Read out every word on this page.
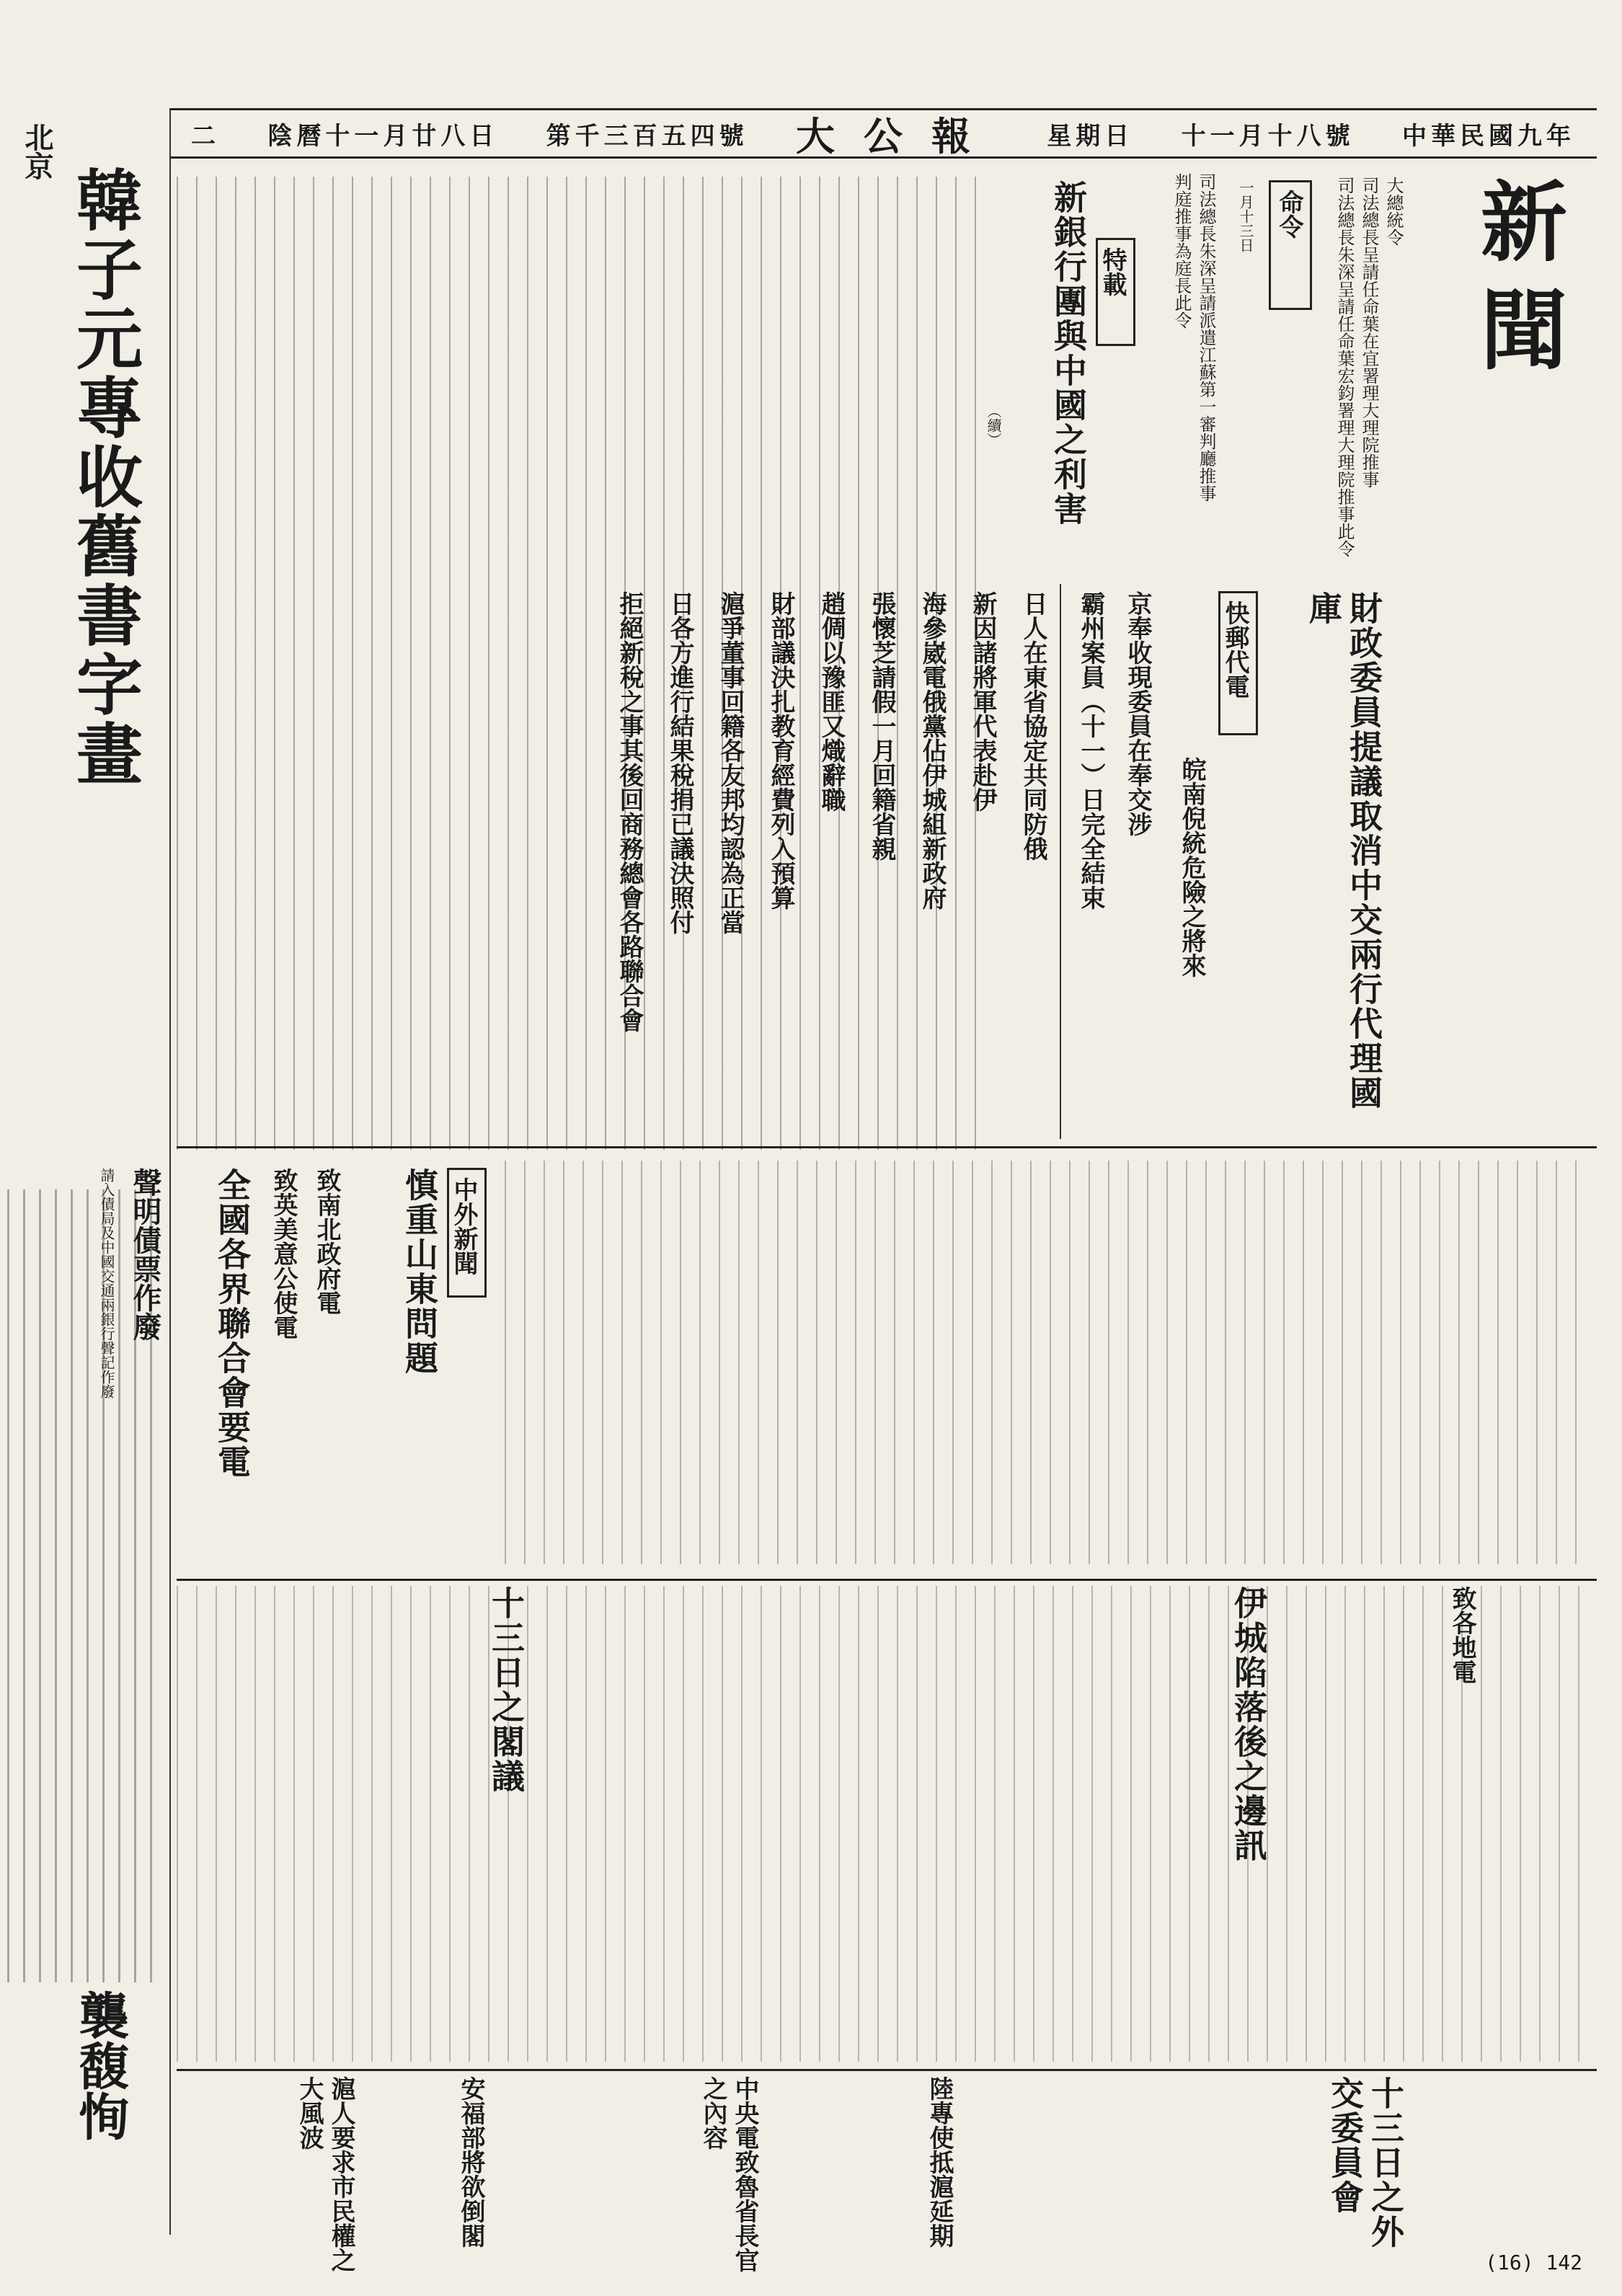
二 陰曆十一月廿八日 第千三百五四號 大公報 星期日 十一月十八號 中華民國九年
北京
韓子元專收舊書字畫
襲馥恂
新聞
命令
一月十三日	大總統令
司法總長呈請任命葉在宜署理大理院推事
司法總長朱深呈請任命葉宏鈞署理大理院推事此令
司法總長朱深呈請派遣江蘇第一審判廳推事
判庭推事為庭長此令
特載
新銀行團與中國之利害
（續）
快郵代電	財政委員提議取消中交兩行代理國庫
京奉收現委員在奉交涉
霸州案員（十一）日完全結束	皖南倪統危險之將來
日人在東省協定共同防俄
新因諸將軍代表赴伊
海參崴電俄黨佔伊城組新政府
張懷芝請假一月回籍省親
趙倜以豫匪又熾辭職
財部議決扎教育經費列入預算
滬爭董事回籍各友邦均認為正當
日各方進行結果稅捐已議決照付
拒絕新稅之事其後回商務總會各路聯合會
中外新聞
慎重山東問題
致南北政府電
致英美意公使電
全國各界聯合會要電
聲明債票作廢
請入債局及中國交通兩銀行聲記作廢
伊城陷落後之邊訊	致各地電
十三日之閣議
十三日之外交委員會
安福部將欲倒閣	陸專使抵滬延期
中央電致魯省長官之內容
滬人要求市民權之大風波
(16) 142
